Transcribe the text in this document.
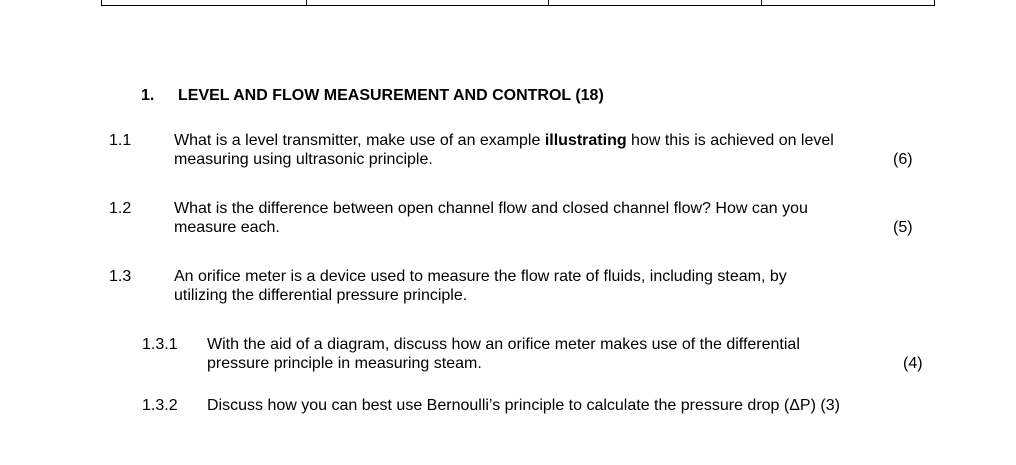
1. LEVEL AND FLOW MEASUREMENT AND CONTROL (18)
1.1	What is a level transmitter, make use of an example illustrating how this is achieved on level
measuring using ultrasonic principle.	(6)
1.2	What is the difference between open channel flow and closed channel flow? How can you
measure each.	(5)
1.3	An orifice meter is a device used to measure the flow rate of fluids, including steam, by
utilizing the differential pressure principle.
1.3.1 With the aid of a diagram, discuss how an orifice meter makes use of the differential
pressure principle in measuring steam.	(4)
1.3.2 Discuss how you can best use Bernoulli’s principle to calculate the pressure drop (ΔP) (3)
